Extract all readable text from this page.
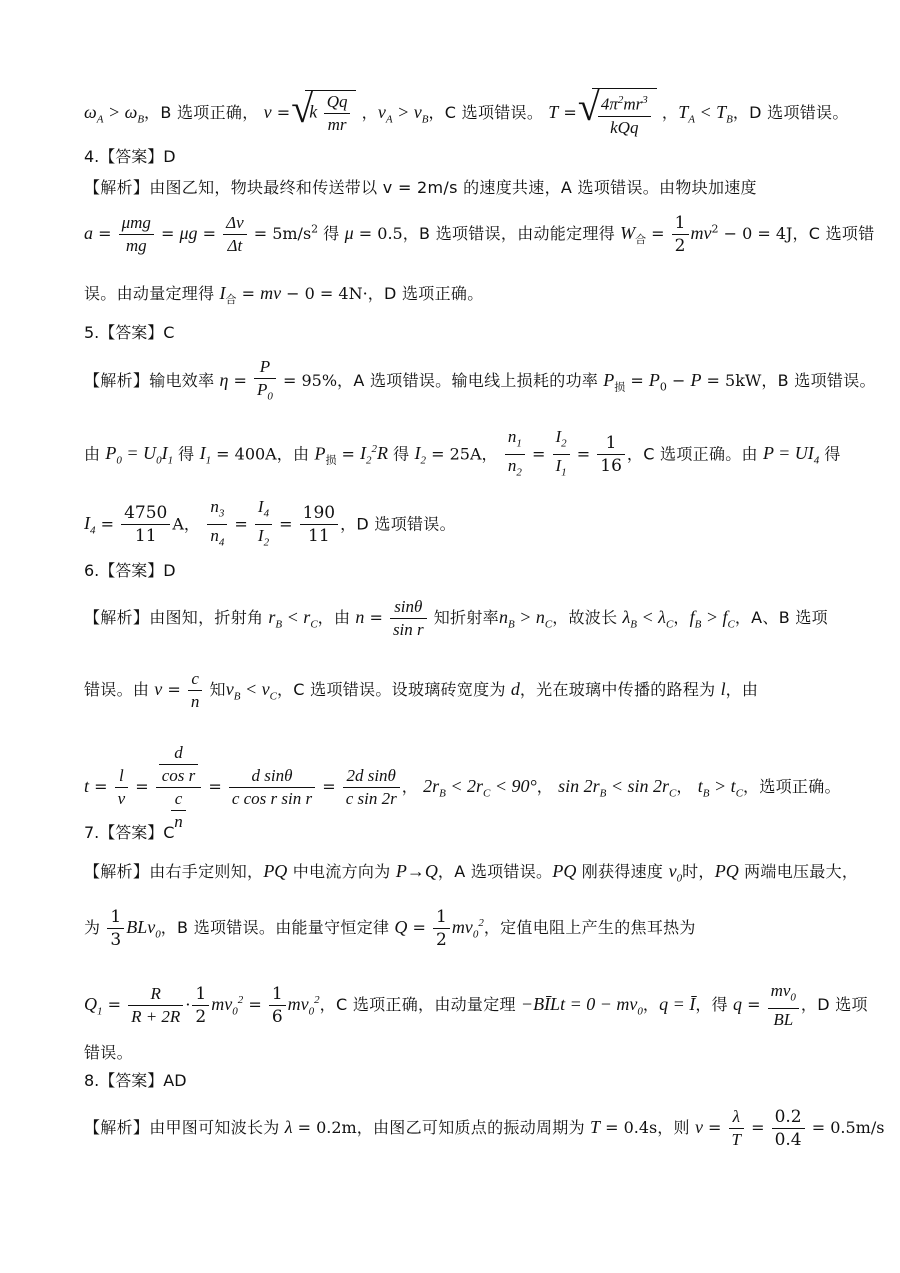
$\omega_A > \omega_B$，B 选项正确， v = √ k $\frac{Qq}{mr}$ ，$v_A > v_B$，C 选项错误。 T =
√ $\frac{4\pi^2mr^3}{\text{kQq}}$ ，$T_A < T_B$，D 选项错误。
4.【答案】D
【解析】由图乙知，物块最终和传送带以 v = 2m/s 的速度共速，A 选项错误。由物块加速度
$a = \frac{\text{μmg}}{mg} = \mu g = \frac{\Delta v}{\Delta t} = 5m/s^2$ 得 μ = 0.5，B 选项错误，由动能定理得 $W_合 = \frac{1}{2} mv^2 - 0 = 4J$，C 选项错
误。由动量定理得 $I_合$ = mv − 0 = 4N·，D 选项正确。
5.【答案】C
【解析】输电效率 $\eta = \frac{P}{P_0} = 95\%$，A 选项错误。输电线上损耗的功率 $P_损 = P_0 - P = 5kW$，B 选项错误。
由 $P_0 = U_0I_1$ 得 $I_1 = 400A$，由 $P_损 = I_2^2R$ 得 $I_2 = 25A$， $\frac{n_1}{n_2} = \frac{I_2}{I_1} = \frac{1}{16}$ ，C 选项正确。由 $P = UI_4$ 得
$I_4 = \frac{4750}{11}$ A， $\frac{n_3}{n_4} = \frac{I_4}{I_2} = \frac{190}{11}$ ，D 选项错误。
6.【答案】D
【解析】由图知，折射角 $r_B < r_C$，由 $n = \frac{\sin\theta}{\text{sin r}}$ 知折射率$n_B > n_C$，故波长 $\lambda_B < \lambda_C$，$f_B > f_C$，A、B 选项
错误。由 $v = \frac{c}{n}$ 知$v_B < v_C$，C 选项错误。设玻璃砖宽度为 d，光在玻璃中传播的路程为 l，由
$t = \frac{l}{v} = \frac{\frac{d}{\text{cos r}}}{\frac{c}{n}} = \frac{\text{d sinθ}}{\text{c cos r sin r}} = \frac{\text{2d sinθ}}{\text{c sin 2r}}$ ， $2r_B < 2r_C < 90^\circ$， $\sin 2r_B < \sin 2r_C$， $t_B > t_C$，选项正确。
7.【答案】C
【解析】由右手定则知，PQ 中电流方向为 P→Q，A 选项错误。PQ 刚获得速度 $v_0$时，PQ 两端电压最大，
为 $\frac{1}{3} BLv_0$，B 选项错误。由能量守恒定律 $Q = \frac{1}{2} mv_0^2$，定值电阻上产生的焦耳热为
$Q_1 = \frac{R}{R + 2R} \cdot \frac{1}{2} mv_0^2 = \frac{1}{6} mv_0^2$，C 选项正确，由动量定理 −BĪLt = $0 - mv_0$，q = Ī，得 $q = \frac{mv_0}{BL}$ ，D 选项
错误。
8.【答案】AD
【解析】由甲图可知波长为 λ = 0.2m，由图乙可知质点的振动周期为 T = 0.4s，则 $v = \frac{\lambda}{T} = \frac{0.2}{0.4} = 0.5m/s$
